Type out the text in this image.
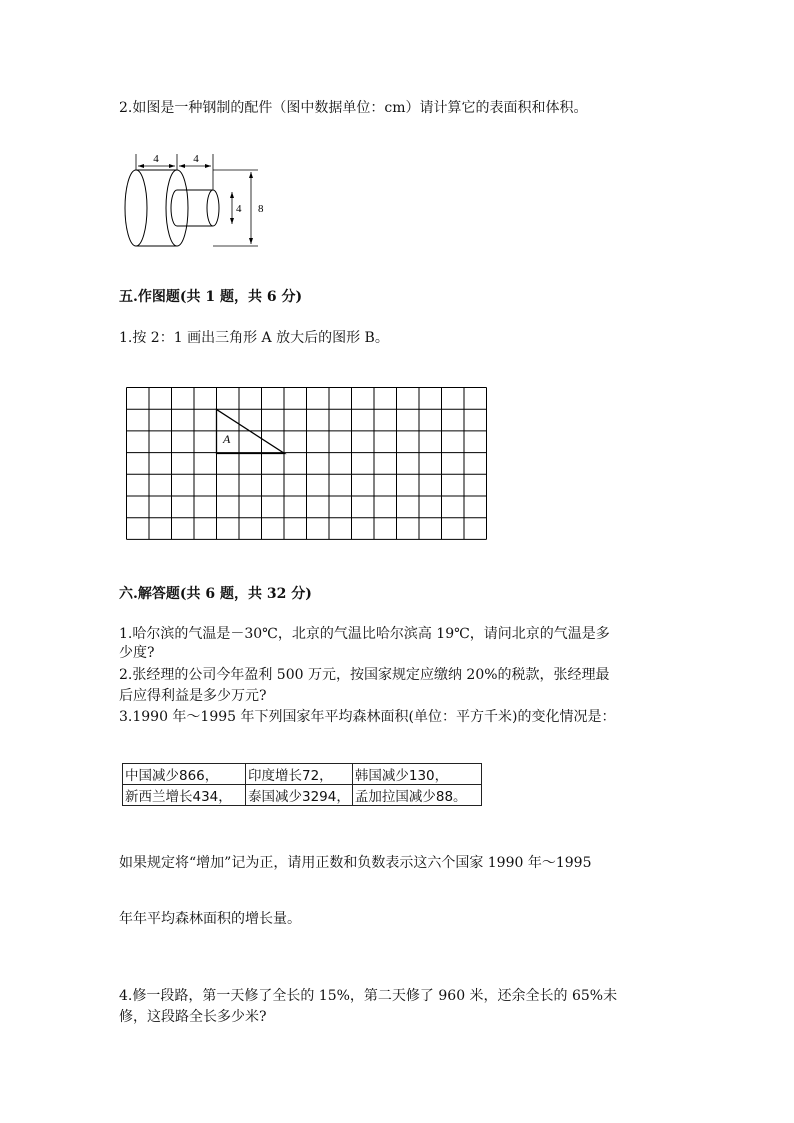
2.如图是一种钢制的配件（图中数据单位：cm）请计算它的表面积和体积。
4	4
4 8
五.作图题(共 1 题，共 6 分)
1.按 2：1 画出三角形 A 放大后的图形 B。
A
六.解答题(共 6 题，共 32 分)
1.哈尔滨的气温是－30℃，北京的气温比哈尔滨高 19℃，请问北京的气温是多
少度?
2.张经理的公司今年盈利 500 万元，按国家规定应缴纳 20%的税款，张经理最
后应得利益是多少万元?
3.1990 年～1995 年下列国家年平均森林面积(单位：平方千米)的变化情况是：
中国减少866，	印度增长72，	韩国减少130，
新西兰增长434，	泰国减少3294，	孟加拉国减少88。
如果规定将“增加”记为正，请用正数和负数表示这六个国家 1990 年～1995
年年平均森林面积的增长量。
4.修一段路，第一天修了全长的 15%，第二天修了 960 米，还余全长的 65%未
修，这段路全长多少米?
